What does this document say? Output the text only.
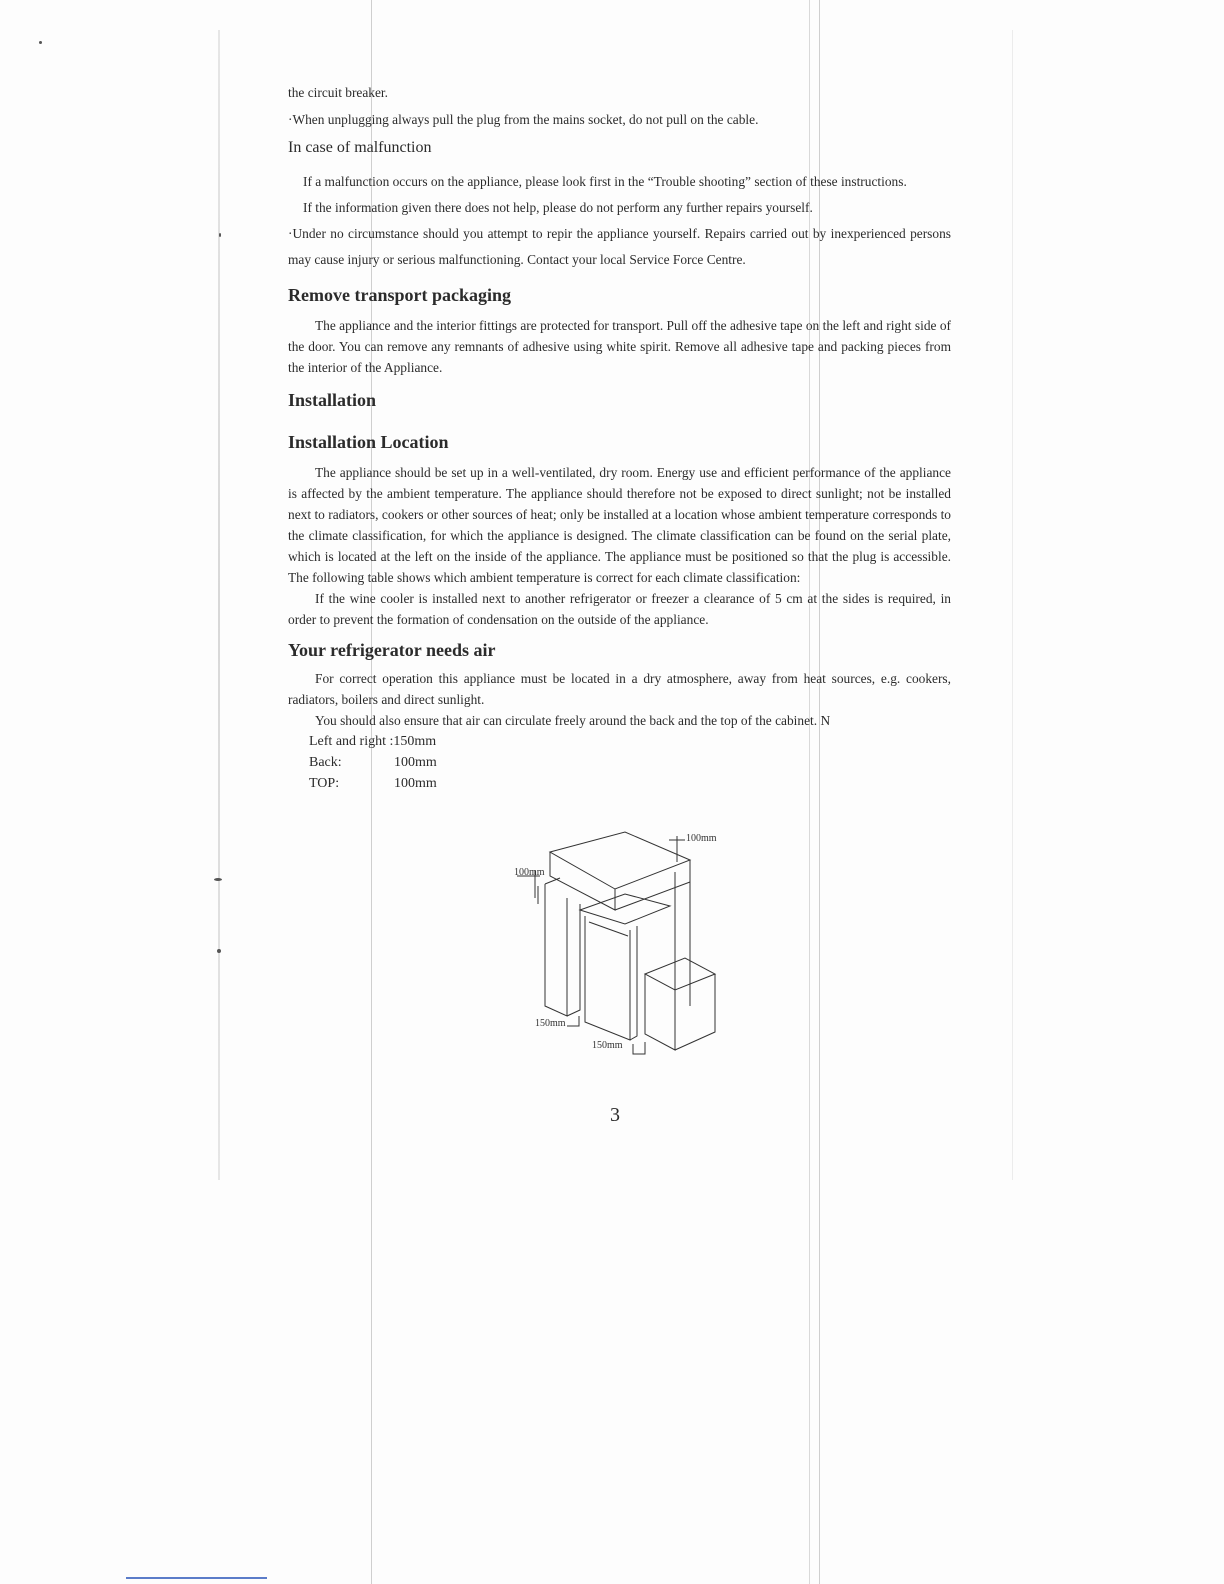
the circuit breaker.

·When unplugging always pull the plug from the mains socket, do not pull on the cable.

In case of malfunction

If a malfunction occurs on the appliance, please look first in the “Trouble shooting” section of these instructions.

If the information given there does not help, please do not perform any further repairs yourself.

·Under no circumstance should you attempt to repir the appliance yourself. Repairs carried out by inexperienced persons may cause injury or serious malfunctioning. Contact your local Service Force Centre.

Remove transport packaging

The appliance and the interior fittings are protected for transport. Pull off the adhesive tape on the left and right side of the door. You can remove any remnants of adhesive using white spirit. Remove all adhesive tape and packing pieces from the interior of the Appliance.

Installation
Installation Location

The appliance should be set up in a well-ventilated, dry room. Energy use and efficient performance of the appliance is affected by the ambient temperature. The appliance should therefore not be exposed to direct sunlight; not be installed next to radiators, cookers or other sources of heat; only be installed at a location whose ambient temperature corresponds to the climate classification, for which the appliance is designed. The climate classification can be found on the serial plate, which is located at the left on the inside of the appliance. The appliance must be positioned so that the plug is accessible. The following table shows which ambient temperature is correct for each climate classification:

If the wine cooler is installed next to another refrigerator or freezer a clearance of 5 cm at the sides is required, in order to prevent the formation of condensation on the outside of the appliance.

Your refrigerator needs air

For correct operation this appliance must be located in a dry atmosphere, away from heat sources, e.g. cookers, radiators, boilers and direct sunlight.

You should also ensure that air can circulate freely around the back and the top of the cabinet. N

Left and right :150mm
Back:	100mm
TOP:	100mm
100mm
100mm
150mm
150mm
3
